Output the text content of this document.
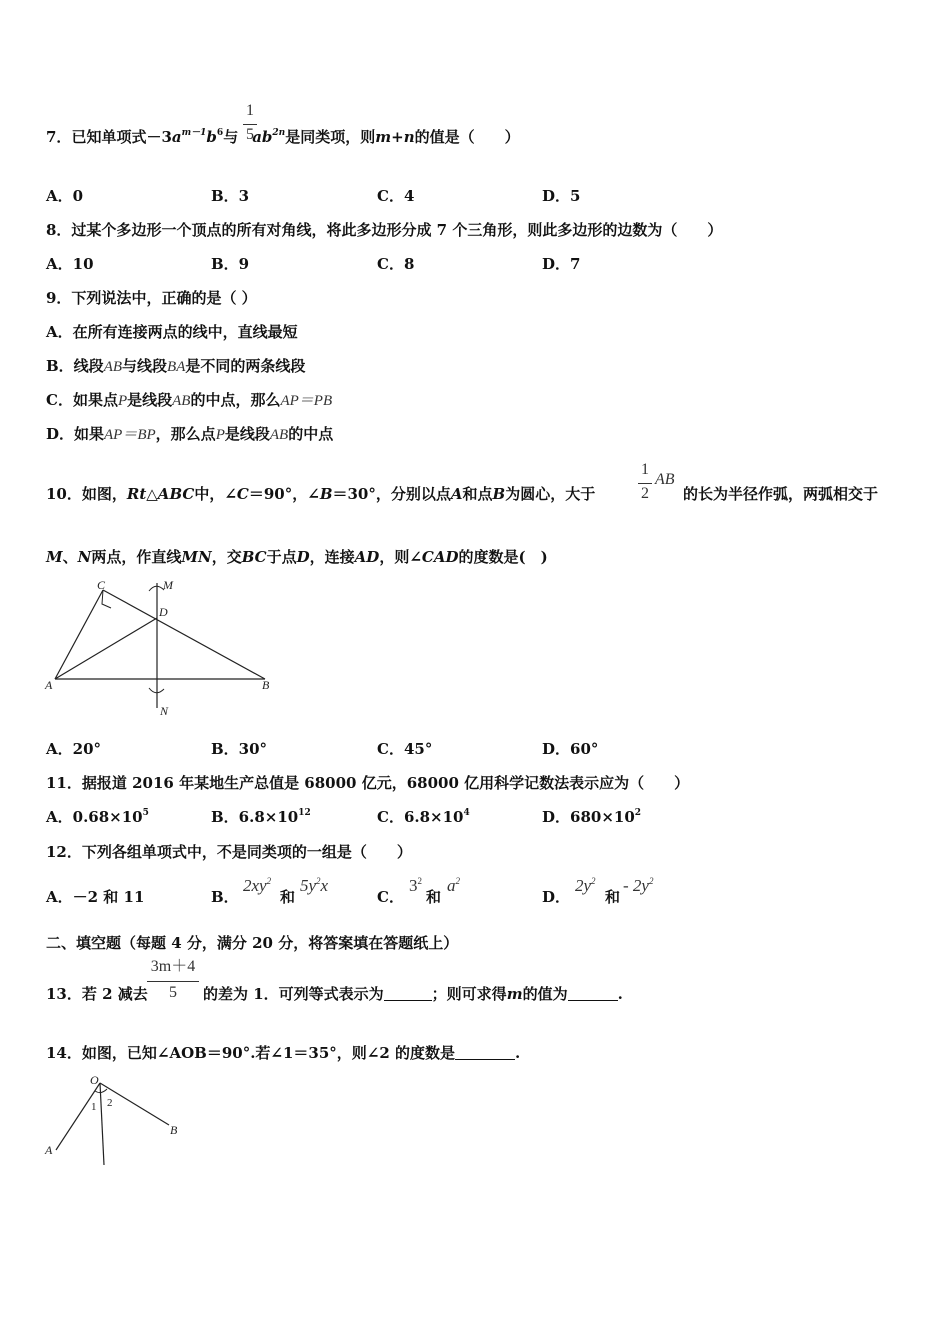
7．已知单项式$-3a^{m-1}b^6$与 $ab^{2n}$是同类项，则m+n的值是（　　）
1
5
A．0	B．3	C．4	D．5
8．过某个多边形一个顶点的所有对角线，将此多边形分成 7 个三角形，则此多边形的边数为（　　）
A．10	B．9	C．8	D．7
9．下列说法中，正确的是（ ）
A．在所有连接两点的线中，直线最短
B．线段AB与线段BA是不同的两条线段
C．如果点P是线段AB的中点，那么AP＝PB
D．如果AP＝BP，那么点P是线段AB的中点
10．如图，Rt△ABC中，∠C＝90°，∠B＝30°，分别以点A和点B为圆心，大于
1
2
AB
的长为半径作弧，两弧相交于
M、N两点，作直线MN，交BC于点D，连接AD，则∠CAD的度数是(　)
C	M
D
A	B
N
A．20°	B．30°	C．45°	D．60°
11．据报道 2016 年某地生产总值是 68000 亿元，68000 亿用科学记数法表示应为（　　）
A．$0.68\times 10^5$	B．$6.8\times 10^{12}$	C．$6.8\times 10^4$	D．$680\times 10^2$
12．下列各组单项式中，不是同类项的一组是（　　）
A．－2 和 11	B．
$2xy^2$
和
$5y^2x$
C．
$3^2$
和
$a^2$
D．
$2y^2$
和
- $2y^2$
二、填空题（每题 4 分，满分 20 分，将答案填在答题纸上）
13．若 2 减去
3m＋4
5	的差为 1．可列等式表示为	；则可求得m的值为	.
14．如图，已知∠AOB＝90°.若∠1＝35°，则∠2 的度数是	.
O
1 2
A
B
